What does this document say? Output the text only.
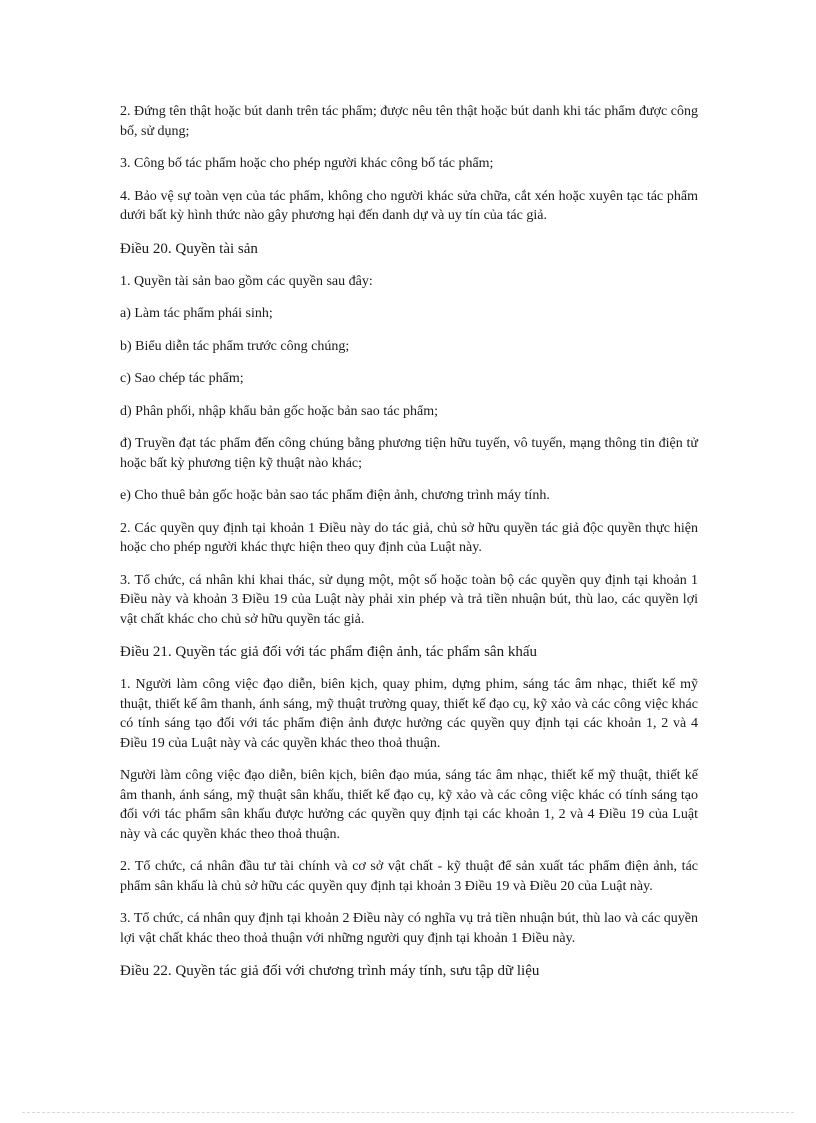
2. Đứng tên thật hoặc bút danh trên tác phẩm; được nêu tên thật hoặc bút danh khi tác phẩm được công bố, sử dụng;

3. Công bố tác phẩm hoặc cho phép người khác công bố tác phẩm;

4. Bảo vệ sự toàn vẹn của tác phẩm, không cho người khác sửa chữa, cắt xén hoặc xuyên tạc tác phẩm dưới bất kỳ hình thức nào gây phương hại đến danh dự và uy tín của tác giả.

Điều 20. Quyền tài sản

1. Quyền tài sản bao gồm các quyền sau đây:

a) Làm tác phẩm phái sinh;

b) Biểu diễn tác phẩm trước công chúng;

c) Sao chép tác phẩm;

d) Phân phối, nhập khẩu bản gốc hoặc bản sao tác phẩm;

đ) Truyền đạt tác phẩm đến công chúng bằng phương tiện hữu tuyến, vô tuyến, mạng thông tin điện tử hoặc bất kỳ phương tiện kỹ thuật nào khác;

e) Cho thuê bản gốc hoặc bản sao tác phẩm điện ảnh, chương trình máy tính.

2. Các quyền quy định tại khoản 1 Điều này do tác giả, chủ sở hữu quyền tác giả độc quyền thực hiện hoặc cho phép người khác thực hiện theo quy định của Luật này.

3. Tổ chức, cá nhân khi khai thác, sử dụng một, một số hoặc toàn bộ các quyền quy định tại khoản 1 Điều này và khoản 3 Điều 19 của Luật này phải xin phép và trả tiền nhuận bút, thù lao, các quyền lợi vật chất khác cho chủ sở hữu quyền tác giả.

Điều 21. Quyền tác giả đối với tác phẩm điện ảnh, tác phẩm sân khấu

1. Người làm công việc đạo diễn, biên kịch, quay phim, dựng phim, sáng tác âm nhạc, thiết kế mỹ thuật, thiết kế âm thanh, ánh sáng, mỹ thuật trường quay, thiết kế đạo cụ, kỹ xảo và các công việc khác có tính sáng tạo đối với tác phẩm điện ảnh được hưởng các quyền quy định tại các khoản 1, 2 và 4 Điều 19 của Luật này và các quyền khác theo thoả thuận.

Người làm công việc đạo diễn, biên kịch, biên đạo múa, sáng tác âm nhạc, thiết kế mỹ thuật, thiết kế âm thanh, ánh sáng, mỹ thuật sân khấu, thiết kế đạo cụ, kỹ xảo và các công việc khác có tính sáng tạo đối với tác phẩm sân khấu được hưởng các quyền quy định tại các khoản 1, 2 và 4 Điều 19 của Luật này và các quyền khác theo thoả thuận.

2. Tổ chức, cá nhân đầu tư tài chính và cơ sở vật chất - kỹ thuật để sản xuất tác phẩm điện ảnh, tác phẩm sân khấu là chủ sở hữu các quyền quy định tại khoản 3 Điều 19 và Điều 20 của Luật này.

3. Tổ chức, cá nhân quy định tại khoản 2 Điều này có nghĩa vụ trả tiền nhuận bút, thù lao và các quyền lợi vật chất khác theo thoả thuận với những người quy định tại khoản 1 Điều này.

Điều 22. Quyền tác giả đối với chương trình máy tính, sưu tập dữ liệu
